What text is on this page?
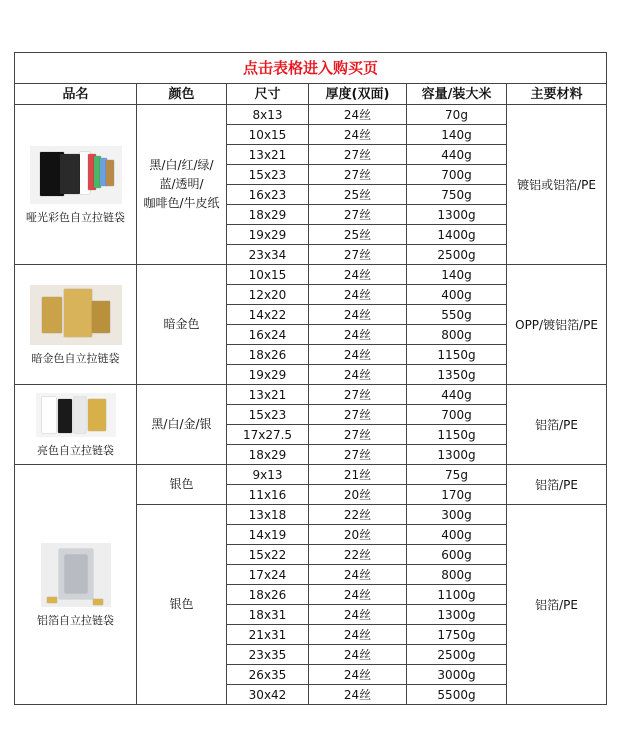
点击表格进入购买页					
品名	颜色	尺寸	厚度(双面)	容量/装大米	主要材料

哑光彩色自立拉链袋	黑/白/红/绿/
蓝/透明/
咖啡色/牛皮纸	8x13	24丝	70g	镀铝或铝箔/PE
		10x15	24丝	140g	
		13x21	27丝	440g	
		15x23	27丝	700g	
		16x23	25丝	750g	
		18x29	27丝	1300g	
		19x29	25丝	1400g	
		23x34	27丝	2500g	

暗金色自立拉链袋	暗金色	10x15	24丝	140g	OPP/镀铝箔/PE
		12x20	24丝	400g	
		14x22	24丝	550g	
		16x24	24丝	800g	
		18x26	24丝	1150g	
		19x29	24丝	1350g	

亮色自立拉链袋	黑/白/金/银	13x21	27丝	440g	铝箔/PE
		15x23	27丝	700g	
		17x27.5	27丝	1150g	
		18x29	27丝	1300g	

铝箔自立拉链袋	银色	9x13	21丝	75g	铝箔/PE
		11x16	20丝	170g	
	银色	13x18	22丝	300g	铝箔/PE
		14x19	20丝	400g	
		15x22	22丝	600g	
		17x24	24丝	800g	
		18x26	24丝	1100g	
		18x31	24丝	1300g	
		21x31	24丝	1750g	
		23x35	24丝	2500g	
		26x35	24丝	3000g	
		30x42	24丝	5500g	
